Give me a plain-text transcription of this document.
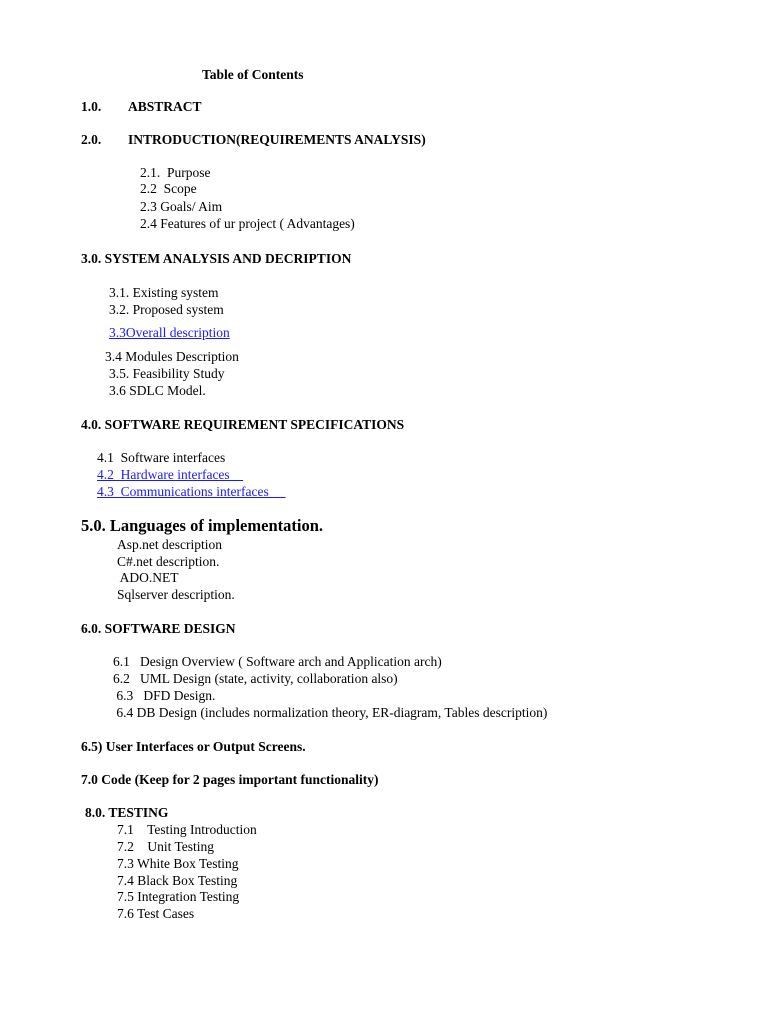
Table of Contents
1.0. ABSTRACT
2.0. INTRODUCTION(REQUIREMENTS ANALYSIS)
2.1.  Purpose
2.2  Scope
2.3 Goals/ Aim
2.4 Features of ur project ( Advantages)
3.0. SYSTEM ANALYSIS AND DECRIPTION
3.1. Existing system
3.2. Proposed system
3.3Overall description
3.4 Modules Description
3.5. Feasibility Study
3.6 SDLC Model.
4.0. SOFTWARE REQUIREMENT SPECIFICATIONS
4.1  Software interfaces
4.2  Hardware interfaces
4.3  Communications interfaces
5.0. Languages of implementation.
Asp.net description
C#.net description.
ADO.NET
Sqlserver description.
6.0. SOFTWARE DESIGN
6.1   Design Overview ( Software arch and Application arch)
6.2   UML Design (state, activity, collaboration also)
6.3   DFD Design.
6.4 DB Design (includes normalization theory, ER-diagram, Tables description)
6.5) User Interfaces or Output Screens.
7.0 Code (Keep for 2 pages important functionality)
8.0. TESTING
7.1    Testing Introduction
7.2    Unit Testing
7.3 White Box Testing
7.4 Black Box Testing
7.5 Integration Testing
7.6 Test Cases
